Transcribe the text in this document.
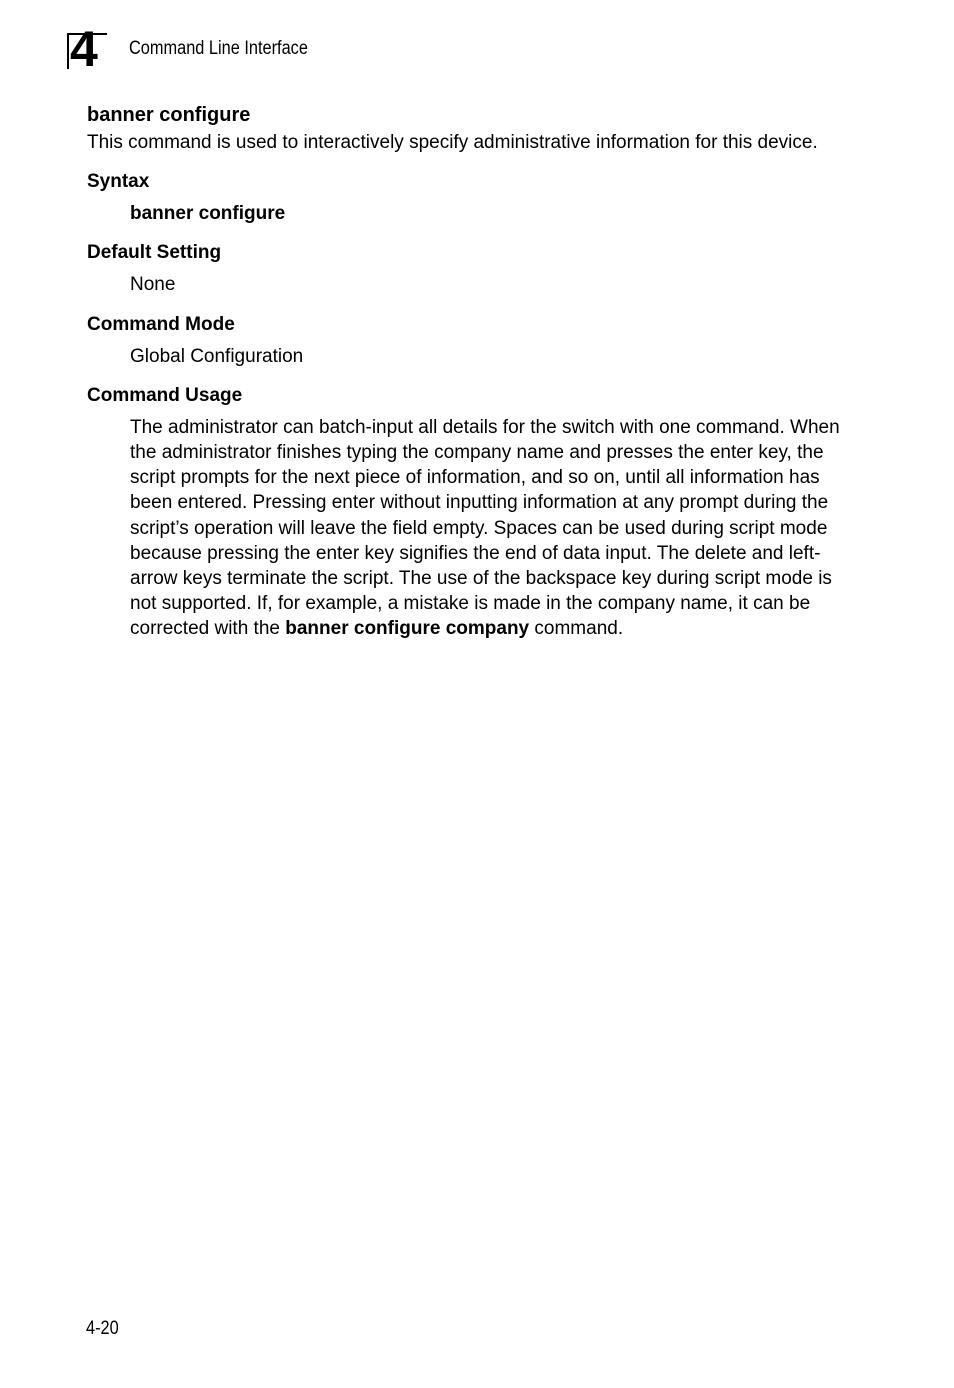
4 Command Line Interface
banner configure

This command is used to interactively specify administrative information for this device.

Syntax

banner configure

Default Setting

None

Command Mode

Global Configuration

Command Usage

The administrator can batch-input all details for the switch with one command. When the administrator finishes typing the company name and presses the enter key, the script prompts for the next piece of information, and so on, until all information has been entered. Pressing enter without inputting information at any prompt during the script’s operation will leave the field empty. Spaces can be used during script mode because pressing the enter key signifies the end of data input. The delete and left-arrow keys terminate the script. The use of the backspace key during script mode is not supported. If, for example, a mistake is made in the company name, it can be corrected with the banner configure company command.

4-20
